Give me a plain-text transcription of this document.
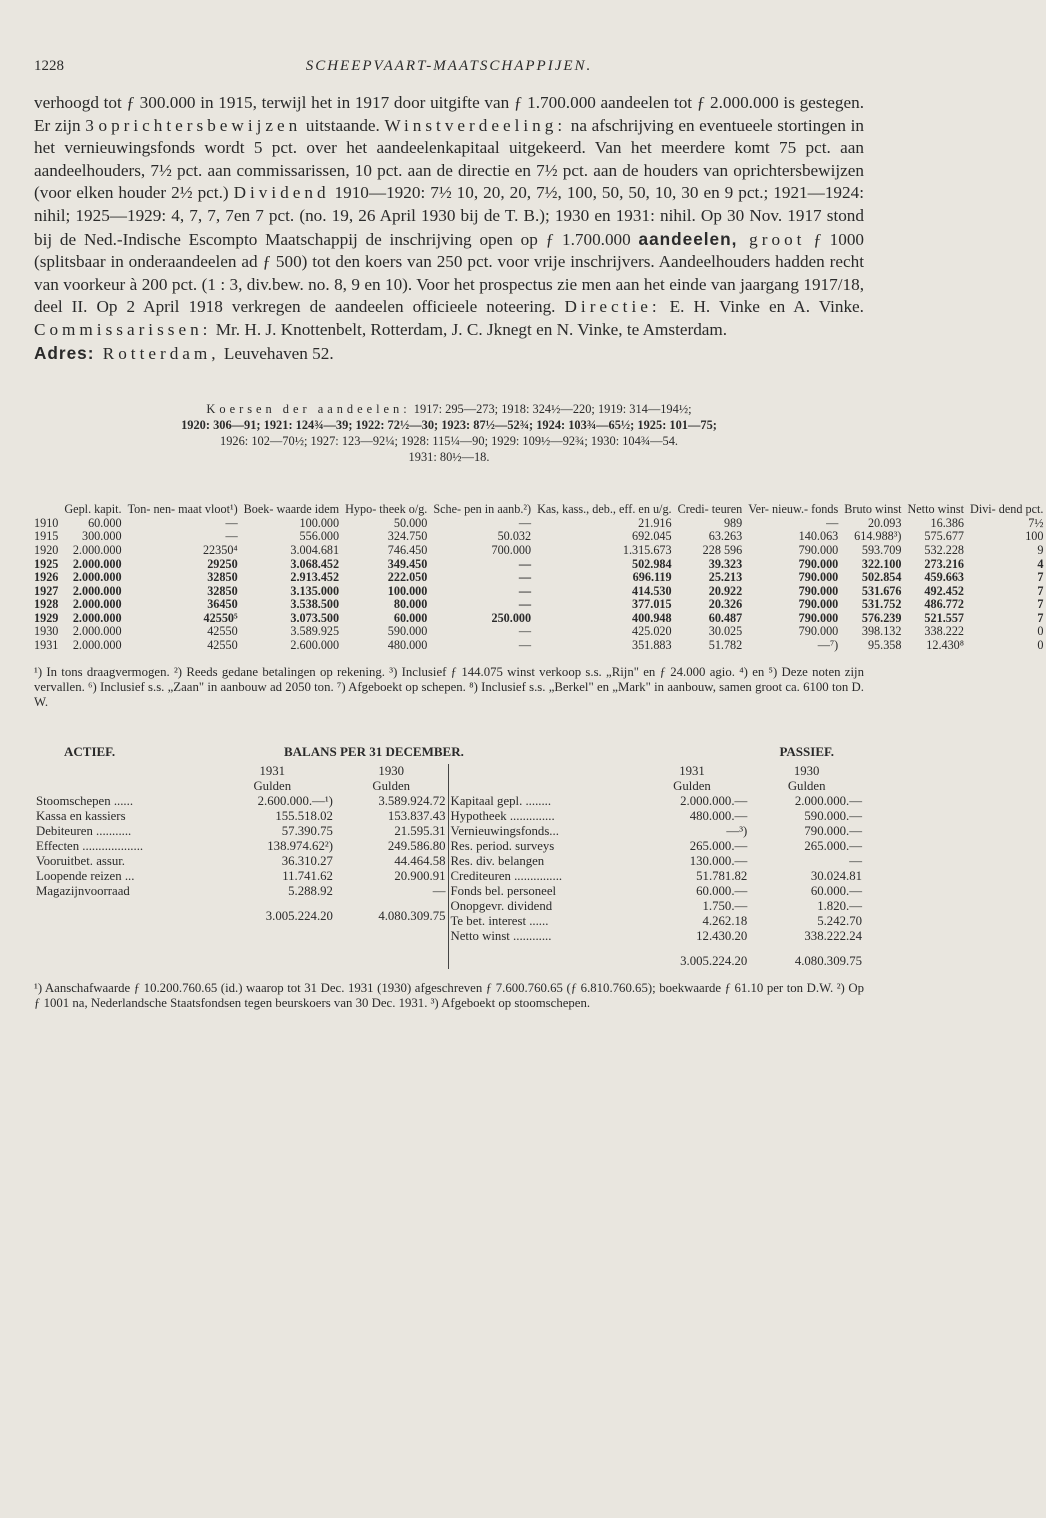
1228	SCHEEPVAART-MAATSCHAPPIJEN.

verhoogd tot ƒ 300.000 in 1915, terwijl het in 1917 door uitgifte van ƒ 1.700.000 aandeelen tot ƒ 2.000.000 is gestegen. Er zijn 3 oprichtersbewijzen uitstaande. Winstverdeeling: na afschrijving en eventueele stortingen in het vernieuwingsfonds wordt 5 pct. over het aandeelenkapitaal uitgekeerd. Van het meerdere komt 75 pct. aan aandeelhouders, 7½ pct. aan commissarissen, 10 pct. aan de directie en 7½ pct. aan de houders van oprichtersbewijzen (voor elken houder 2½ pct.) Dividend 1910—1920: 7½ 10, 20, 20, 7½, 100, 50, 50, 10, 30 en 9 pct.; 1921—1924: nihil; 1925—1929: 4, 7, 7, 7en 7 pct. (no. 19, 26 April 1930 bij de T. B.); 1930 en 1931: nihil. Op 30 Nov. 1917 stond bij de Ned.-Indische Escompto Maatschappij de inschrijving open op ƒ 1.700.000 aandeelen, groot ƒ 1000 (splitsbaar in onderaandeelen ad ƒ 500) tot den koers van 250 pct. voor vrije inschrijvers. Aandeelhouders hadden recht van voorkeur à 200 pct. (1 : 3, div.bew. no. 8, 9 en 10). Voor het prospectus zie men aan het einde van jaargang 1917/18, deel II. Op 2 April 1918 verkregen de aandeelen officieele noteering. Directie: E. H. Vinke en A. Vinke. Commissarissen: Mr. H. J. Knottenbelt, Rotterdam, J. C. Jknegt en N. Vinke, te Amsterdam.
Adres: Rotterdam, Leuvehaven 52.

Koersen der aandeelen: 1917: 295—273; 1918: 324½—220; 1919: 314—194½;
1920: 306—91; 1921: 124¾—39; 1922: 72½—30; 1923: 87½—52¾; 1924: 103¾—65½; 1925: 101—75;
1926: 102—70½; 1927: 123—92¼; 1928: 115¼—90; 1929: 109½—92¾; 1930: 104¾—54.
1931: 80½—18.
	Gepl. kapit.	Ton- nen- maat vloot¹)	Boek- waarde idem	Hypo- theek o/g.	Sche- pen in aanb.²)	Kas, kass., deb., eff. en u/g.	Credi- teuren	Ver- nieuw.- fonds	Bruto winst	Netto winst	Divi- dend pct.
1910	60.000	—	100.000	50.000	—	21.916	989	—	20.093	16.386	7½
1915	300.000	—	556.000	324.750	50.032	692.045	63.263	140.063	614.988³)	575.677	100
1920	2.000.000	22350⁴	3.004.681	746.450	700.000	1.315.673	228 596	790.000	593.709	532.228	9
1925	2.000.000	29250	3.068.452	349.450	—	502.984	39.323	790.000	322.100	273.216	4
1926	2.000.000	32850	2.913.452	222.050	—	696.119	25.213	790.000	502.854	459.663	7
1927	2.000.000	32850	3.135.000	100.000	—	414.530	20.922	790.000	531.676	492.452	7
1928	2.000.000	36450	3.538.500	80.000	—	377.015	20.326	790.000	531.752	486.772	7
1929	2.000.000	42550⁵	3.073.500	60.000	250.000	400.948	60.487	790.000	576.239	521.557	7
1930	2.000.000	42550	3.589.925	590.000	—	425.020	30.025	790.000	398.132	338.222	0
1931	2.000.000	42550	2.600.000	480.000	—	351.883	51.782	—⁷)	95.358	12.430⁸	0
¹) In tons draagvermogen. ²) Reeds gedane betalingen op rekening. ³) Inclusief ƒ 144.075 winst verkoop s.s. „Rijn" en ƒ 24.000 agio. ⁴) en ⁵) Deze noten zijn vervallen. ⁶) Inclusief s.s. „Zaan" in aanbouw ad 2050 ton. ⁷) Afgeboekt op schepen. ⁸) Inclusief s.s. „Berkel" en „Mark" in aanbouw, samen groot ca. 6100 ton D. W.
ACTIEF.	BALANS PER 31 DECEMBER.	PASSIEF.
	1931	1930
	Gulden	Gulden
Stoomschepen ......	2.600.000.—¹)	3.589.924.72
Kassa en kassiers	155.518.02	153.837.43
Debiteuren ...........	57.390.75	21.595.31
Effecten ...................	138.974.62²)	249.586.80
Vooruitbet. assur.	36.310.27	44.464.58
Loopende reizen ...	11.741.62	20.900.91
Magazijnvoorraad	5.288.92	—

	3.005.224.20	4.080.309.75
	1931	1930
	Gulden	Gulden
Kapitaal gepl. ........	2.000.000.—	2.000.000.—
Hypotheek ..............	480.000.—	590.000.—
Vernieuwingsfonds...	—³)	790.000.—
Res. period. surveys	265.000.—	265.000.—
Res. div. belangen	130.000.—	—
Crediteuren ...............	51.781.82	30.024.81
Fonds bel. personeel	60.000.—	60.000.—
Onopgevr. dividend	1.750.—	1.820.—
Te bet. interest ......	4.262.18	5.242.70
Netto winst ............	12.430.20	338.222.24
	3.005.224.20	4.080.309.75
¹) Aanschafwaarde ƒ 10.200.760.65 (id.) waarop tot 31 Dec. 1931 (1930) afgeschreven ƒ 7.600.760.65 (ƒ 6.810.760.65); boekwaarde ƒ 61.10 per ton D.W. ²) Op ƒ 1001 na, Nederlandsche Staatsfondsen tegen beurskoers van 30 Dec. 1931. ³) Afgeboekt op stoomschepen.
